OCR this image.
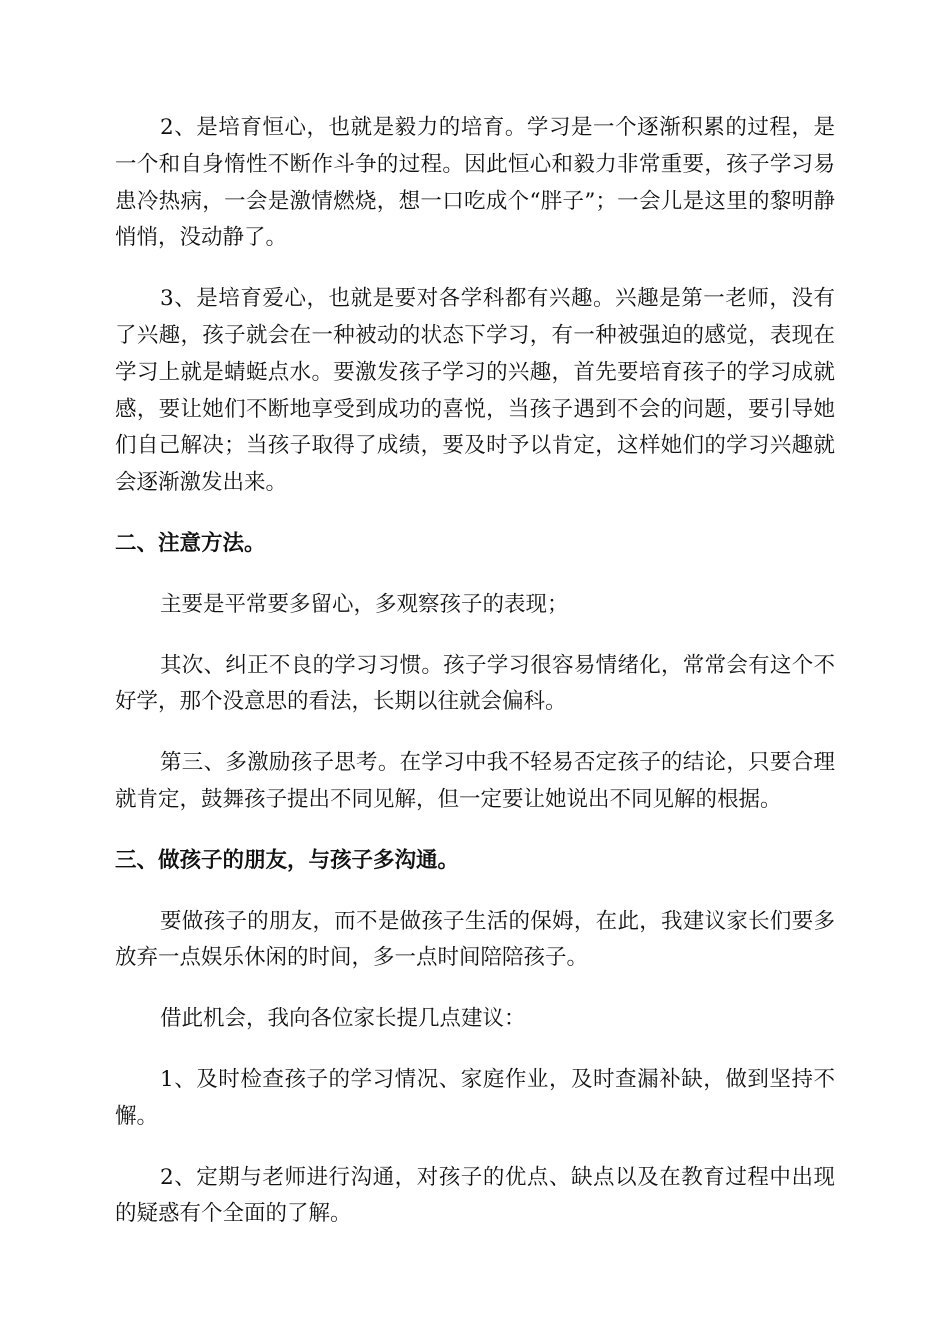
2、是培育恒心，也就是毅力的培育。学习是一个逐渐积累的过程，是一个和自身惰性不断作斗争的过程。因此恒心和毅力非常重要，孩子学习易患冷热病，一会是激情燃烧，想一口吃成个“胖子”；一会儿是这里的黎明静悄悄，没动静了。

3、是培育爱心，也就是要对各学科都有兴趣。兴趣是第一老师，没有了兴趣，孩子就会在一种被动的状态下学习，有一种被强迫的感觉，表现在学习上就是蜻蜓点水。要激发孩子学习的兴趣，首先要培育孩子的学习成就感，要让她们不断地享受到成功的喜悦，当孩子遇到不会的问题，要引导她们自己解决；当孩子取得了成绩，要及时予以肯定，这样她们的学习兴趣就会逐渐激发出来。

二、注意方法。

主要是平常要多留心，多观察孩子的表现；

其次、纠正不良的学习习惯。孩子学习很容易情绪化，常常会有这个不好学，那个没意思的看法，长期以往就会偏科。

第三、多激励孩子思考。在学习中我不轻易否定孩子的结论，只要合理就肯定，鼓舞孩子提出不同见解，但一定要让她说出不同见解的根据。

三、做孩子的朋友，与孩子多沟通。

要做孩子的朋友，而不是做孩子生活的保姆，在此，我建议家长们要多放弃一点娱乐休闲的时间，多一点时间陪陪孩子。

借此机会，我向各位家长提几点建议：

1、及时检查孩子的学习情况、家庭作业，及时查漏补缺，做到坚持不懈。

2、定期与老师进行沟通，对孩子的优点、缺点以及在教育过程中出现的疑惑有个全面的了解。
